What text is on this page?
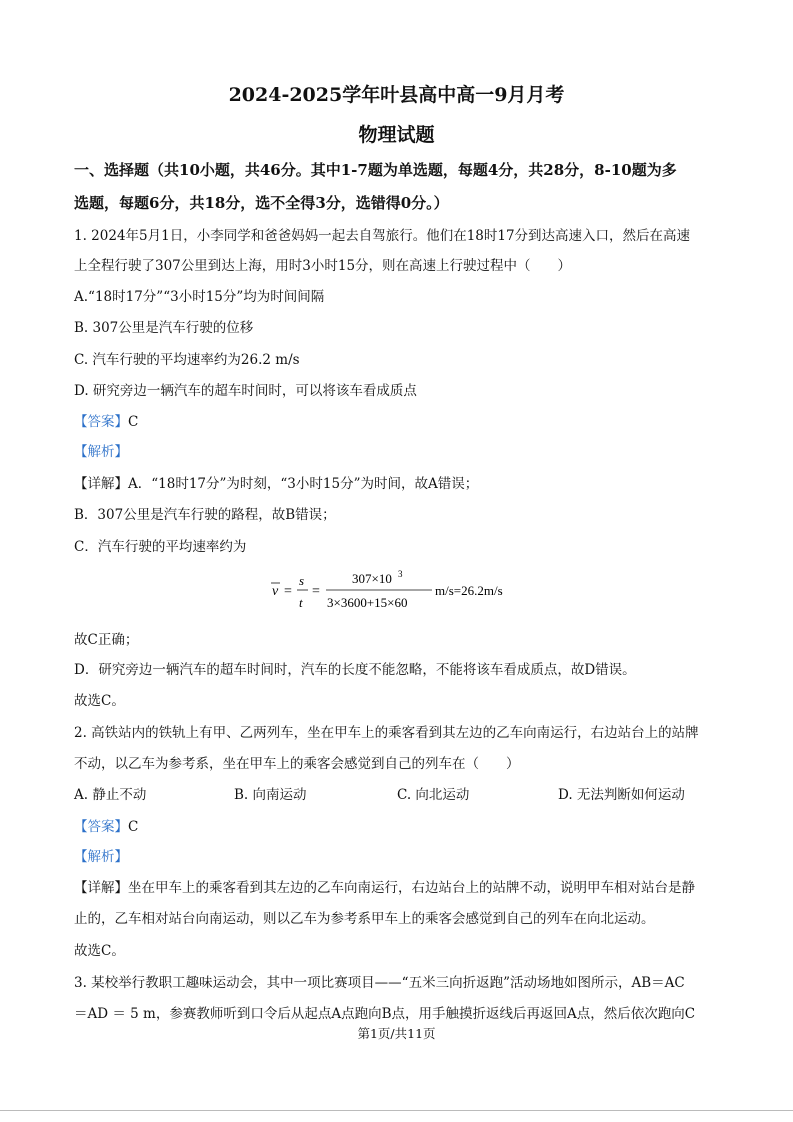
2024-2025学年叶县高中高一9月月考
物理试题
一、选择题（共10小题，共46分。其中1-7题为单选题，每题4分，共28分，8-10题为多
选题，每题6分，共18分，选不全得3分，选错得0分。）
1. 2024年5月1日，小李同学和爸爸妈妈一起去自驾旅行。他们在18时17分到达高速入口，然后在高速
上全程行驶了307公里到达上海，用时3小时15分，则在高速上行驶过程中（　　）
A.“18时17分”“3小时15分”均为时间间隔
B. 307公里是汽车行驶的位移
C. 汽车行驶的平均速率约为26.2 m/s
D. 研究旁边一辆汽车的超车时间时，可以将该车看成质点
【答案】C
【解析】
【详解】A．“18时17分”为时刻，“3小时15分”为时间，故A错误；
B．307公里是汽车行驶的路程，故B错误；
C．汽车行驶的平均速率约为
v =
s
t
=
307×10 3
3×3600+15×60
m/s=26.2m/s
故C正确；
D．研究旁边一辆汽车的超车时间时，汽车的长度不能忽略，不能将该车看成质点，故D错误。
故选C。
2. 高铁站内的铁轨上有甲、乙两列车，坐在甲车上的乘客看到其左边的乙车向南运行，右边站台上的站牌
不动，以乙车为参考系，坐在甲车上的乘客会感觉到自己的列车在（　　）
A. 静止不动	B. 向南运动	C. 向北运动	D. 无法判断如何运动
【答案】C
【解析】
【详解】坐在甲车上的乘客看到其左边的乙车向南运行，右边站台上的站牌不动，说明甲车相对站台是静
止的，乙车相对站台向南运动，则以乙车为参考系甲车上的乘客会感觉到自己的列车在向北运动。
故选C。
3. 某校举行教职工趣味运动会，其中一项比赛项目——“五米三向折返跑”活动场地如图所示，AB＝AC
＝AD ＝ 5 m，参赛教师听到口令后从起点A点跑向B点，用手触摸折返线后再返回A点，然后依次跑向C
第1页/共11页
